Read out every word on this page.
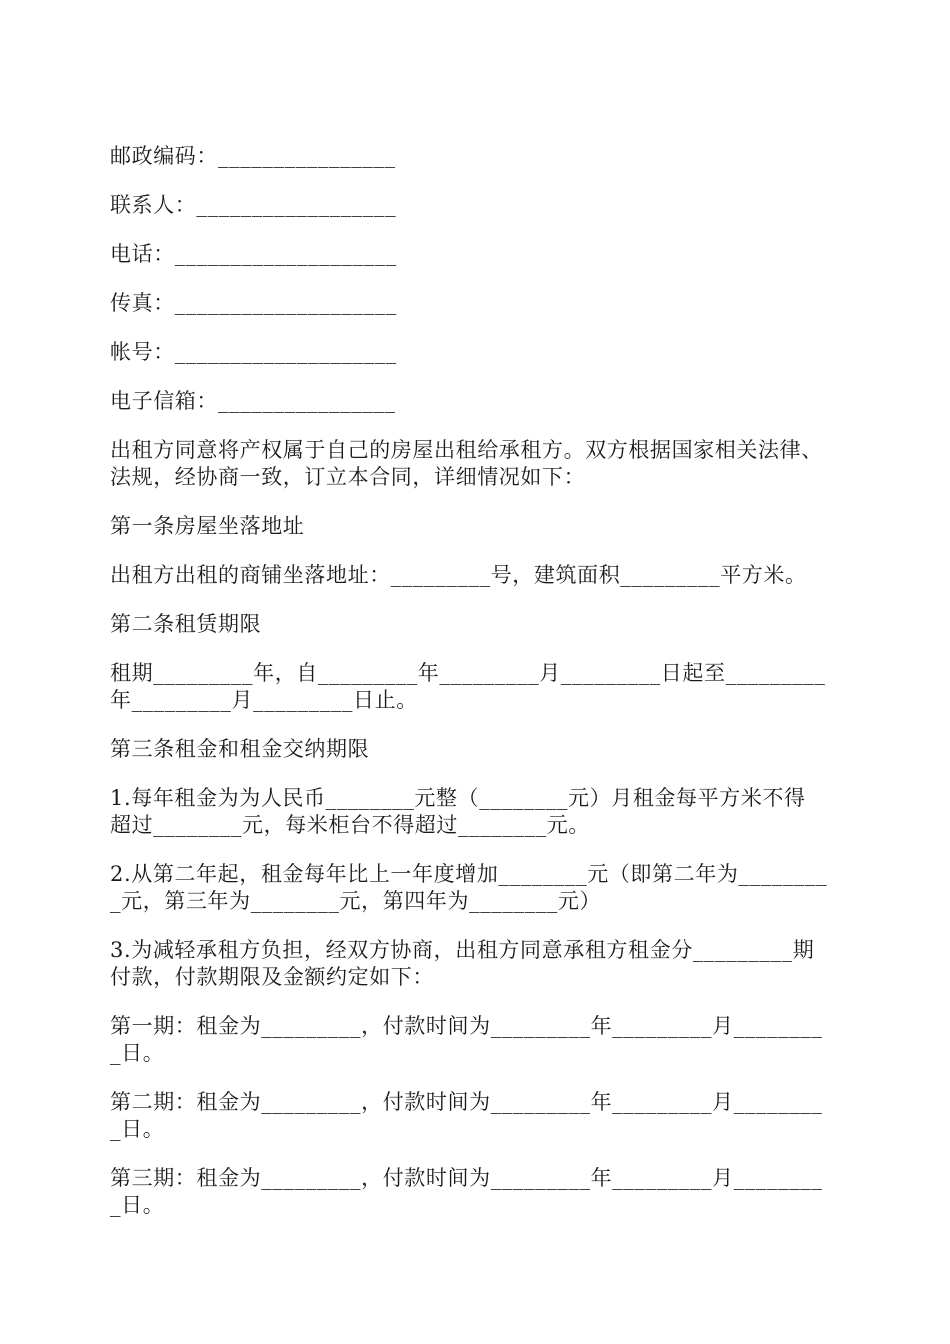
邮政编码：________________

联系人：__________________

电话：____________________

传真：____________________

帐号：____________________

电子信箱：________________

出租方同意将产权属于自己的房屋出租给承租方。双方根据国家相关法律、

法规，经协商一致，订立本合同，详细情况如下：

第一条房屋坐落地址

出租方出租的商铺坐落地址：_________号，建筑面积_________平方米。

第二条租赁期限

租期_________年，自_________年_________月_________日起至_________

年_________月_________日止。

第三条租金和租金交纳期限

1.每年租金为为人民币________元整（________元）月租金每平方米不得

超过________元，每米柜台不得超过________元。

2.从第二年起，租金每年比上一年度增加________元（即第二年为________

_元，第三年为________元，第四年为________元）

3.为减轻承租方负担，经双方协商，出租方同意承租方租金分_________期

付款，付款期限及金额约定如下：

第一期：租金为_________，付款时间为_________年_________月________

_日。

第二期：租金为_________，付款时间为_________年_________月________

_日。

第三期：租金为_________，付款时间为_________年_________月________

_日。
